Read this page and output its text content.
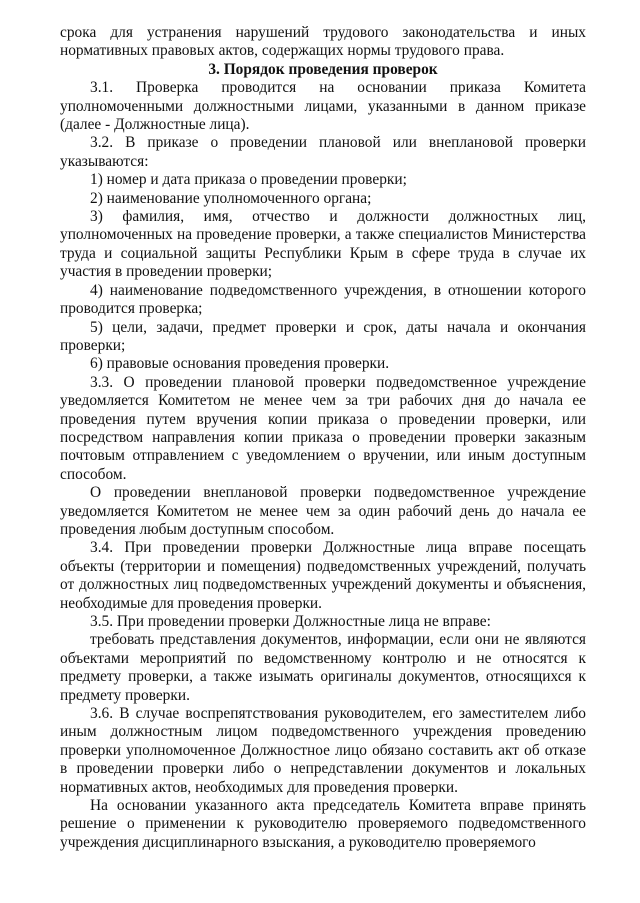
срока для устранения нарушений трудового законодательства и иных нормативных правовых актов, содержащих нормы трудового права.

3. Порядок проведения проверок

3.1. Проверка проводится на основании приказа Комитета уполномоченными должностными лицами, указанными в данном приказе (далее - Должностные лица).

3.2. В приказе о проведении плановой или внеплановой проверки указываются:

1) номер и дата приказа о проведении проверки;

2) наименование уполномоченного органа;

3) фамилия, имя, отчество и должности должностных лиц, уполномоченных на проведение проверки, а также специалистов Министерства труда и социальной защиты Республики Крым в сфере труда в случае их участия в проведении проверки;

4) наименование подведомственного учреждения, в отношении которого проводится проверка;

5) цели, задачи, предмет проверки и срок, даты начала и окончания проверки;

6) правовые основания проведения проверки.

3.3. О проведении плановой проверки подведомственное учреждение уведомляется Комитетом не менее чем за три рабочих дня до начала ее проведения путем вручения копии приказа о проведении проверки, или посредством направления копии приказа о проведении проверки заказным почтовым отправлением с уведомлением о вручении, или иным доступным способом.

О проведении внеплановой проверки подведомственное учреждение уведомляется Комитетом не менее чем за один рабочий день до начала ее проведения любым доступным способом.

3.4. При проведении проверки Должностные лица вправе посещать объекты (территории и помещения) подведомственных учреждений, получать от должностных лиц подведомственных учреждений документы и объяснения, необходимые для проведения проверки.

3.5. При проведении проверки Должностные лица не вправе:

требовать представления документов, информации, если они не являются объектами мероприятий по ведомственному контролю и не относятся к предмету проверки, а также изымать оригиналы документов, относящихся к предмету проверки.

3.6. В случае воспрепятствования руководителем, его заместителем либо иным должностным лицом подведомственного учреждения проведению проверки уполномоченное Должностное лицо обязано составить акт об отказе в проведении проверки либо о непредставлении документов и локальных нормативных актов, необходимых для проведения проверки.

На основании указанного акта председатель Комитета вправе принять решение о применении к руководителю проверяемого подведомственного учреждения дисциплинарного взыскания, а руководителю проверяемого
